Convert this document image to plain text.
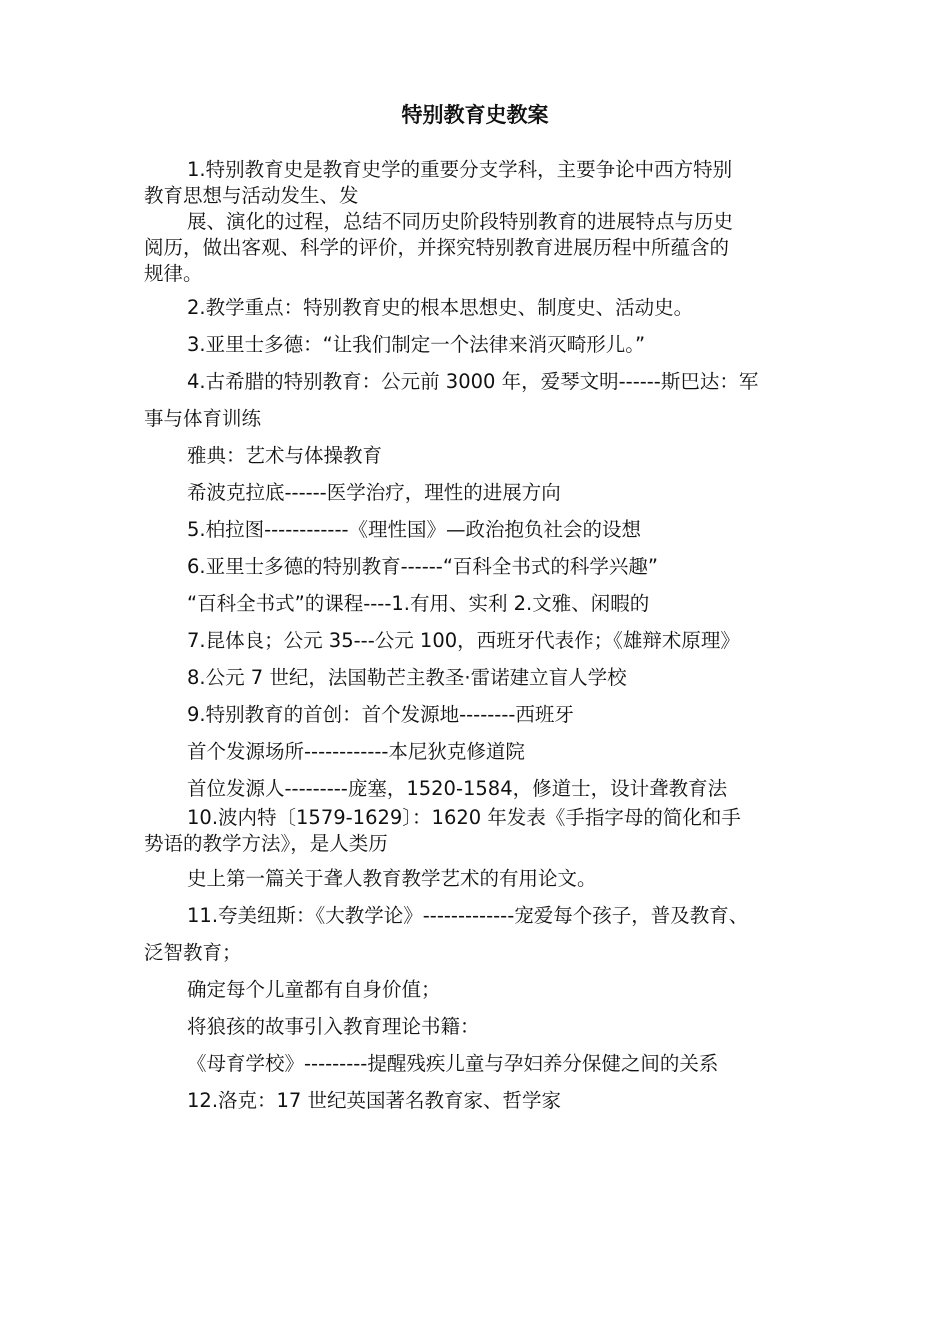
特别教育史教案
1.特别教育史是教育史学的重要分支学科，主要争论中西方特别
教育思想与活动发生、发
展、演化的过程，总结不同历史阶段特别教育的进展特点与历史
阅历，做出客观、科学的评价，并探究特别教育进展历程中所蕴含的
规律。
2.教学重点：特别教育史的根本思想史、制度史、活动史。
3.亚里士多德：“让我们制定一个法律来消灭畸形儿。”
4.古希腊的特别教育：公元前 3000 年，爱琴文明------斯巴达：军
事与体育训练
雅典：艺术与体操教育
希波克拉底------医学治疗，理性的进展方向
5.柏拉图------------《理性国》—政治抱负社会的设想
6.亚里士多德的特别教育------“百科全书式的科学兴趣”
“百科全书式”的课程----1.有用、实利 2.文雅、闲暇的
7.昆体良；公元 35---公元 100，西班牙代表作；《雄辩术原理》
8.公元 7 世纪，法国勒芒主教圣·雷诺建立盲人学校
9.特别教育的首创：首个发源地--------西班牙
首个发源场所------------本尼狄克修道院
首位发源人---------庞塞，1520-1584，修道士，设计聋教育法
10.波内特〔1579-1629〕：1620 年发表《手指字母的简化和手
势语的教学方法》，是人类历
史上第一篇关于聋人教育教学艺术的有用论文。
11.夸美纽斯：《大教学论》-------------宠爱每个孩子，普及教育、
泛智教育；
确定每个儿童都有自身价值；
将狼孩的故事引入教育理论书籍：
《母育学校》---------提醒残疾儿童与孕妇养分保健之间的关系
12.洛克：17 世纪英国著名教育家、哲学家
